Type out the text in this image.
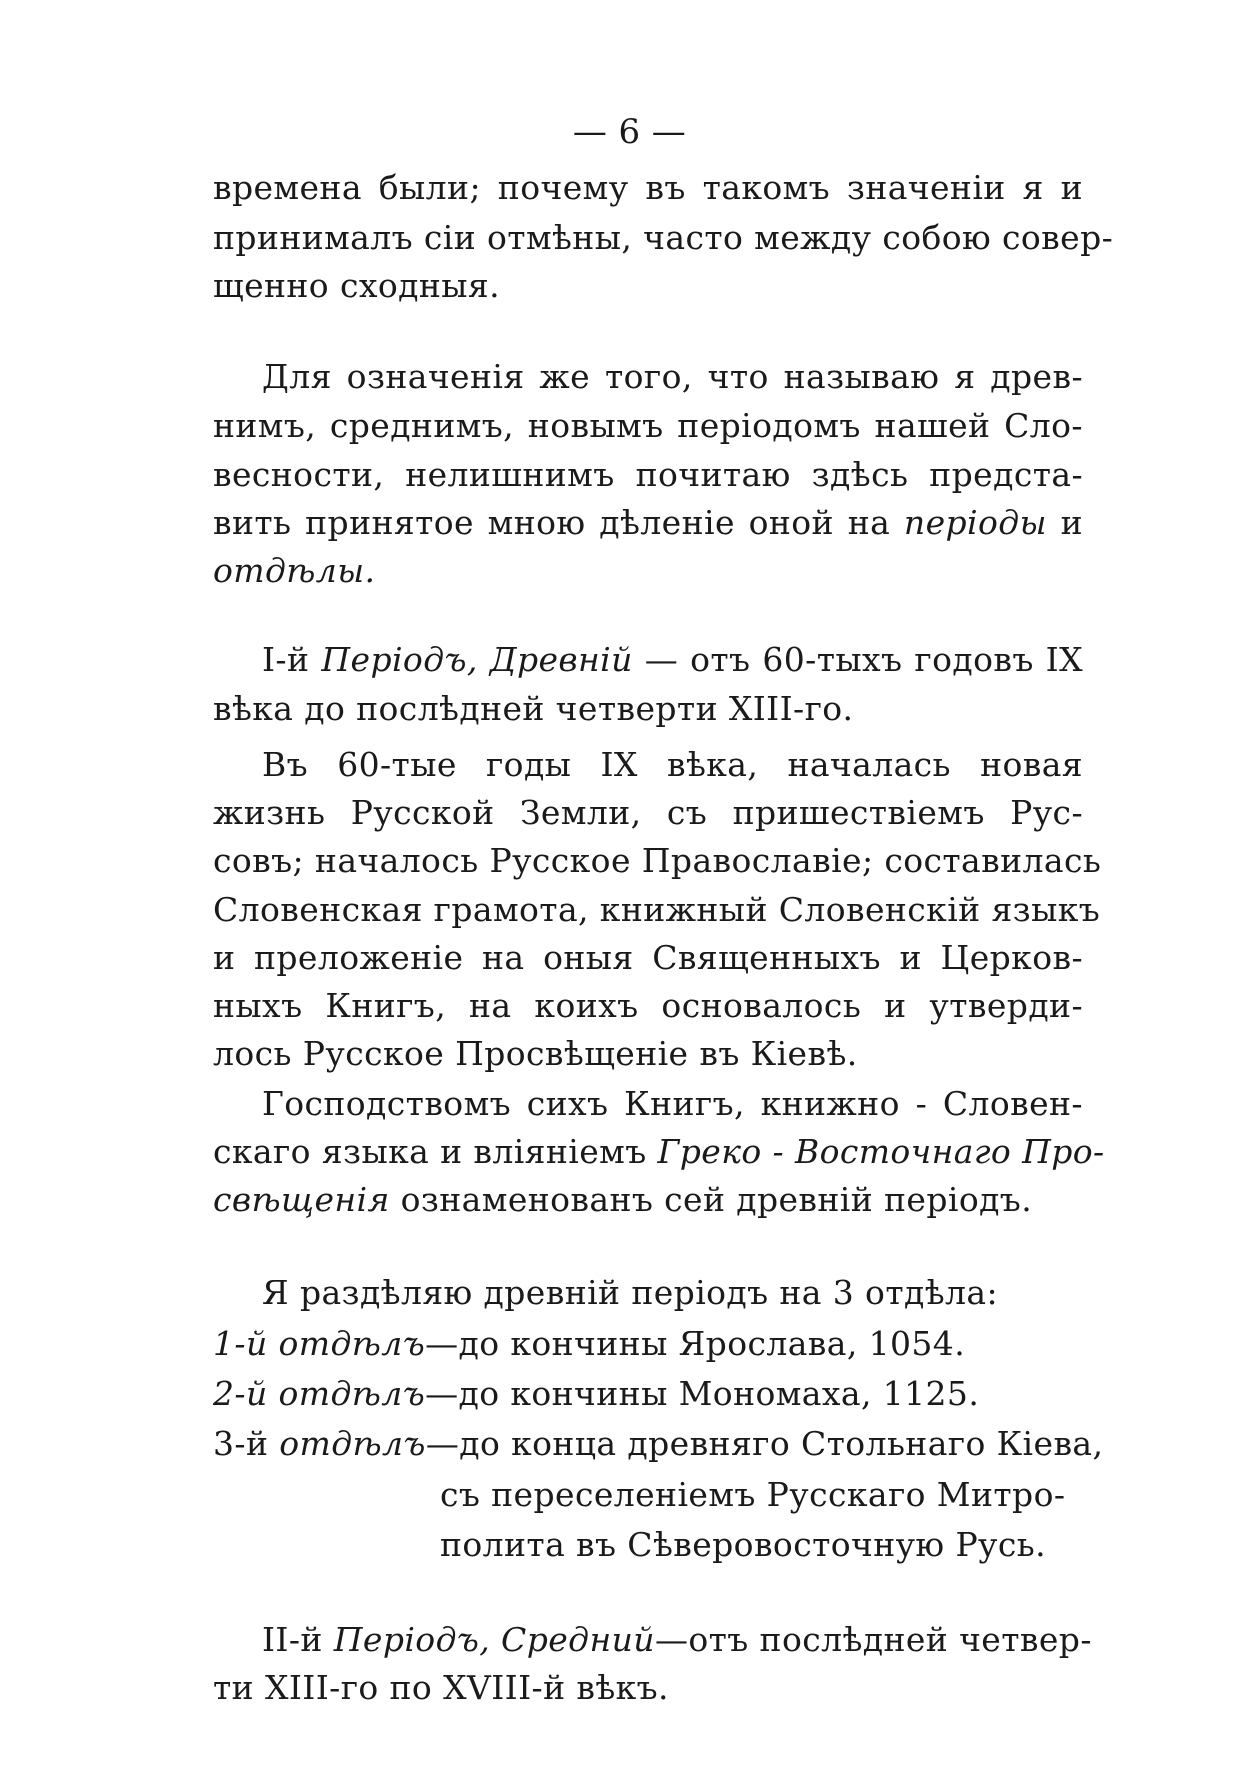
— 6 —
времена были; почему въ такомъ значенiи я и
принималъ сiи отмѣны, часто между собою совер-
щенно сходныя.
Для означенiя же того, что называю я древ-
нимъ, среднимъ, новымъ перiодомъ нашей Сло-
весности, нелишнимъ почитаю здѣсь предста-
вить принятое мною дѣленiе оной на перiоды и
отдѣлы.
I-й Перiодъ, Древнiй — отъ 60-тыхъ годовъ IX
вѣка до послѣдней четверти XIII-го.
Въ 60-тые годы IX вѣка, началась новая
жизнь Русской Земли, съ пришествiемъ Рус-
совъ; началось Русское Православiе; составилась
Словенская грамота, книжный Словенскiй языкъ
и преложенiе на оныя Священныхъ и Церков-
ныхъ Книгъ, на коихъ основалось и утверди-
лось Русское Просвѣщенiе въ Кiевѣ.
Господствомъ сихъ Книгъ, книжно - Словен-
скаго языка и влiянiемъ Греко - Восточнаго Про-
свѣщенiя ознаменованъ сей древнiй перiодъ.
Я раздѣляю древнiй перiодъ на 3 отдѣла:
1-й отдѣлъ—до кончины Ярослава, 1054.
2-й отдѣлъ—до кончины Мономаха, 1125.
3-й отдѣлъ—до конца древняго Стольнаго Кiева,
съ переселенiемъ Русскаго Митро-
полита въ Сѣверовосточную Русь.
II-й Перiодъ, Средний—отъ послѣдней четвер-
ти XIII-го по XVIII-й вѣкъ.
